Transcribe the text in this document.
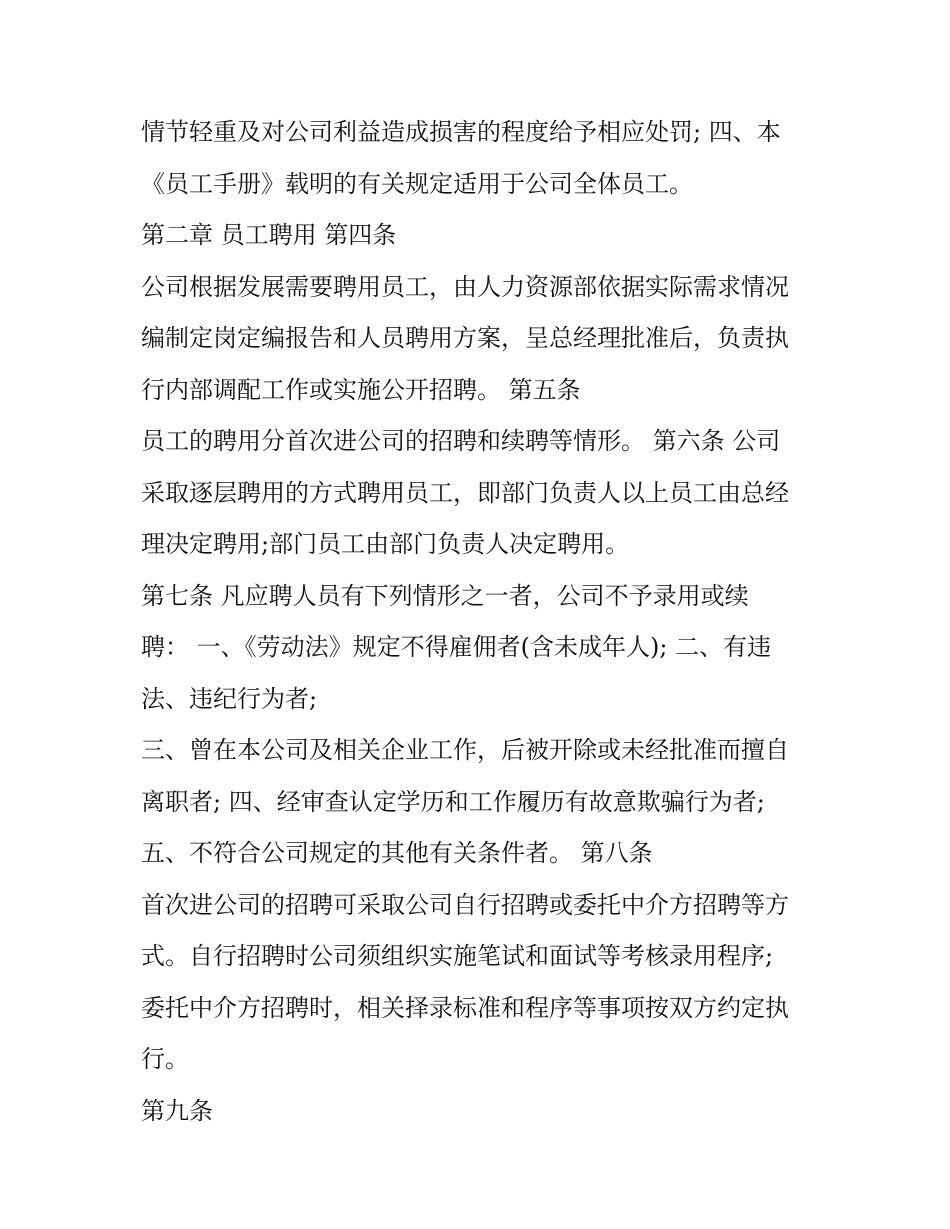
情节轻重及对公司利益造成损害的程度给予相应处罚; 四、本
《员工手册》载明的有关规定适用于公司全体员工。
第二章 员工聘用 第四条
公司根据发展需要聘用员工，由人力资源部依据实际需求情况
编制定岗定编报告和人员聘用方案，呈总经理批准后，负责执
行内部调配工作或实施公开招聘。 第五条
员工的聘用分首次进公司的招聘和续聘等情形。 第六条 公司
采取逐层聘用的方式聘用员工，即部门负责人以上员工由总经
理决定聘用;部门员工由部门负责人决定聘用。
第七条 凡应聘人员有下列情形之一者，公司不予录用或续
聘： 一、《劳动法》规定不得雇佣者(含未成年人); 二、有违
法、违纪行为者;
三、曾在本公司及相关企业工作，后被开除或未经批准而擅自
离职者; 四、经审查认定学历和工作履历有故意欺骗行为者;
五、不符合公司规定的其他有关条件者。 第八条
首次进公司的招聘可采取公司自行招聘或委托中介方招聘等方
式。自行招聘时公司须组织实施笔试和面试等考核录用程序;
委托中介方招聘时，相关择录标准和程序等事项按双方约定执
行。
第九条
